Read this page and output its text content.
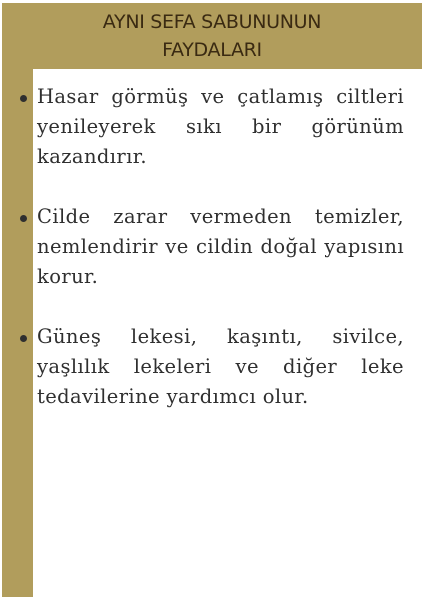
AYNI SEFA SABUNUNUN
FAYDALARI
Hasar görmüş ve çatlamış ciltleri yenileyerek sıkı bir görünüm kazandırır.
Cilde zarar vermeden temizler, nemlendirir ve cildin doğal yapısını korur.
Güneş lekesi, kaşıntı, sivilce, yaşlılık lekeleri ve diğer leke tedavilerine yardımcı olur.
